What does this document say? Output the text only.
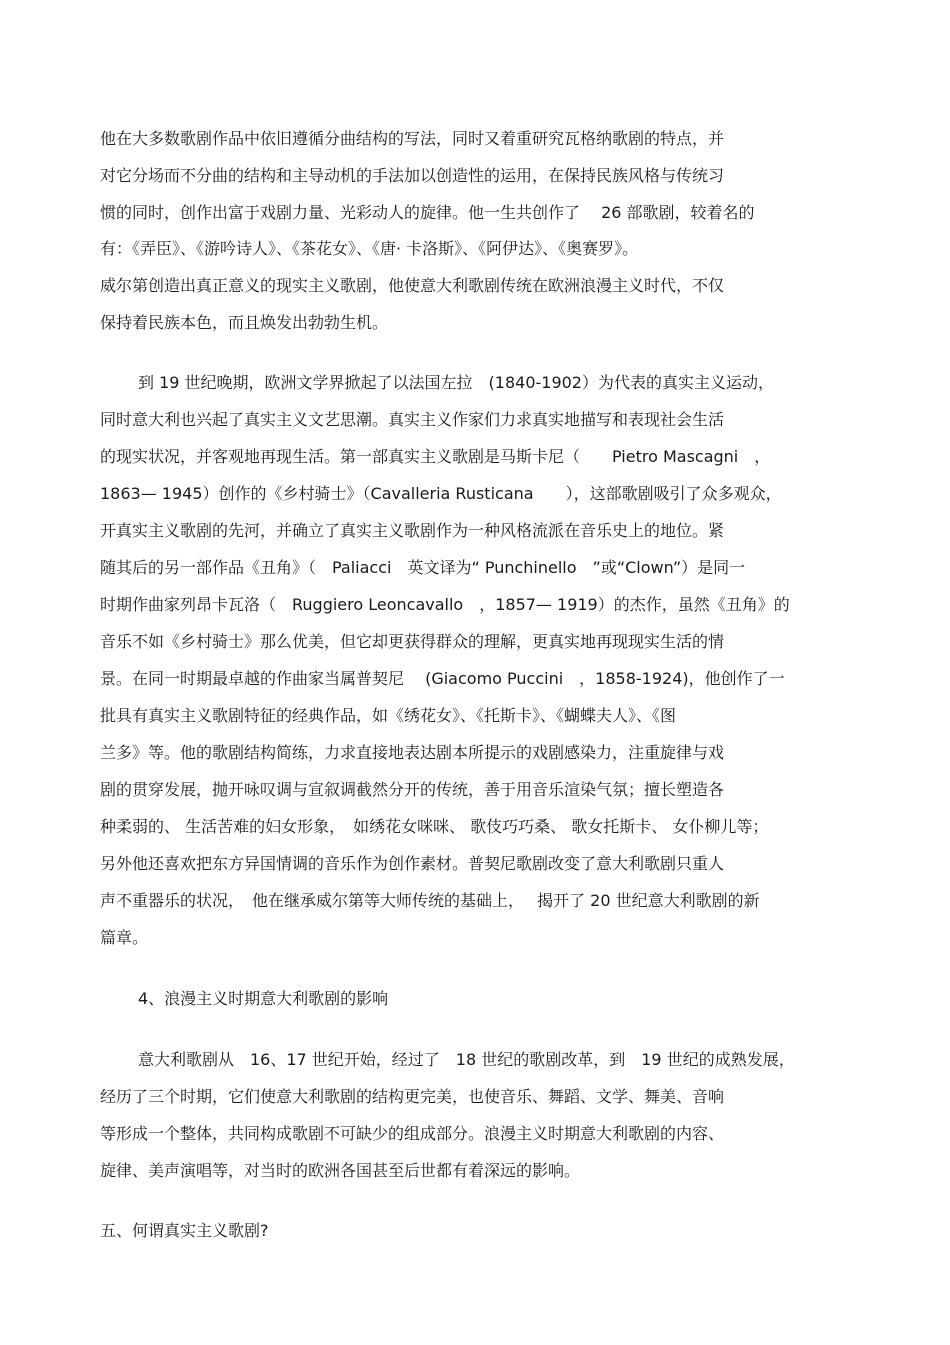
他在大多数歌剧作品中依旧遵循分曲结构的写法，同时又着重研究瓦格纳歌剧的特点，并
对它分场而不分曲的结构和主导动机的手法加以创造性的运用，在保持民族风格与传统习
惯的同时，创作出富于戏剧力量、光彩动人的旋律。他一生共创作了　 26 部歌剧，较着名的
有：《弄臣》、《游吟诗人》、《茶花女》、《唐· 卡洛斯》、《阿伊达》、《奥赛罗》。
威尔第创造出真正意义的现实主义歌剧，他使意大利歌剧传统在欧洲浪漫主义时代，不仅
保持着民族本色，而且焕发出勃勃生机。
到 19 世纪晚期，欧洲文学界掀起了以法国左拉　(1840-1902）为代表的真实主义运动，
同时意大利也兴起了真实主义文艺思潮。真实主义作家们力求真实地描写和表现社会生活
的现实状况，并客观地再现生活。第一部真实主义歌剧是马斯卡尼（　　Pietro Mascagni　，
1863— 1945）创作的《乡村骑士》（Cavalleria Rusticana　　），这部歌剧吸引了众多观众，
开真实主义歌剧的先河，并确立了真实主义歌剧作为一种风格流派在音乐史上的地位。紧
随其后的另一部作品《丑角》（　Paliacci　英文译为“ Punchinello　”或“Clown”）是同一
时期作曲家列昂卡瓦洛（　Ruggiero Leoncavallo　，1857— 1919）的杰作，虽然《丑角》的
音乐不如《乡村骑士》那么优美，但它却更获得群众的理解，更真实地再现现实生活的情
景。在同一时期最卓越的作曲家当属普契尼　 (Giacomo Puccini　，1858-1924)，他创作了一
批具有真实主义歌剧特征的经典作品，如《绣花女》、《托斯卡》、《蝴蝶夫人》、《图
兰多》等。他的歌剧结构简练，力求直接地表达剧本所提示的戏剧感染力，注重旋律与戏
剧的贯穿发展，抛开咏叹调与宣叙调截然分开的传统，善于用音乐渲染气氛；擅长塑造各
种柔弱的、 生活苦难的妇女形象，　如绣花女咪咪、 歌伎巧巧桑、 歌女托斯卡、 女仆柳儿等；
另外他还喜欢把东方异国情调的音乐作为创作素材。普契尼歌剧改变了意大利歌剧只重人
声不重器乐的状况，　他在继承威尔第等大师传统的基础上，　 揭开了 20 世纪意大利歌剧的新
篇章。
4、浪漫主义时期意大利歌剧的影响
意大利歌剧从　16、17 世纪开始，经过了　18 世纪的歌剧改革，到　19 世纪的成熟发展，
经历了三个时期，它们使意大利歌剧的结构更完美，也使音乐、舞蹈、文学、舞美、音响
等形成一个整体，共同构成歌剧不可缺少的组成部分。浪漫主义时期意大利歌剧的内容、
旋律、美声演唱等，对当时的欧洲各国甚至后世都有着深远的影响。
五、何谓真实主义歌剧?
